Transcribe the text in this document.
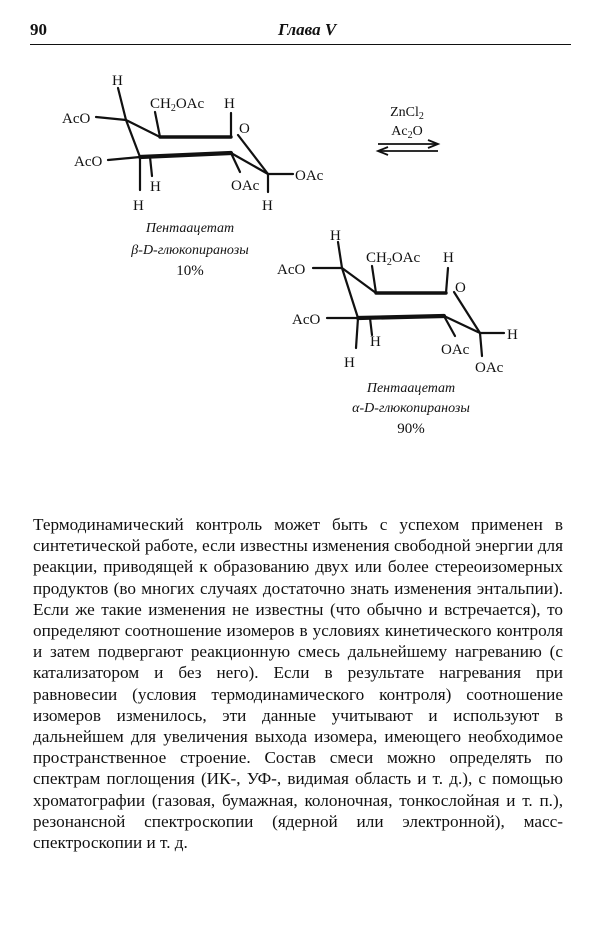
90	Глава V
H
$CH_2OAc$ H
O
AcO
AcO
H
H
OAc
OAc
H
Пентаацетат
β-D-глюкопиранозы
10%
ZnCl$_2$
$Ac_2O$
H
$CH_2OAc$ H
O
AcO
AcO
H
H
OAc
H
OAc
Пентаацетат
α-D-глюкопиранозы
90%

Термодинамический контроль может быть с успехом применен в синтетической работе, если известны изменения свободной энергии для реакции, приводящей к образованию двух или более стереоизомерных продуктов (во многих случаях достаточно знать изменения энтальпии). Если же такие изменения не известны (что обычно и встречается), то определяют соотношение изомеров в условиях кинетического контроля и затем подвергают реакционную смесь дальнейшему нагреванию (с катализатором и без него). Если в результате нагревания при равновесии (условия термодинамического контроля) соотношение изомеров изменилось, эти данные учитывают и используют в дальнейшем для увеличения выхода изомера, имеющего необходимое пространственное строение. Состав смеси можно определять по спектрам поглощения (ИК-, УФ-, видимая область и т. д.), с помощью хроматографии (газовая, бумажная, колоночная, тонкослойная и т. п.), резонансной спектроскопии (ядерной или электронной), масс-спектроскопии и т. д.
